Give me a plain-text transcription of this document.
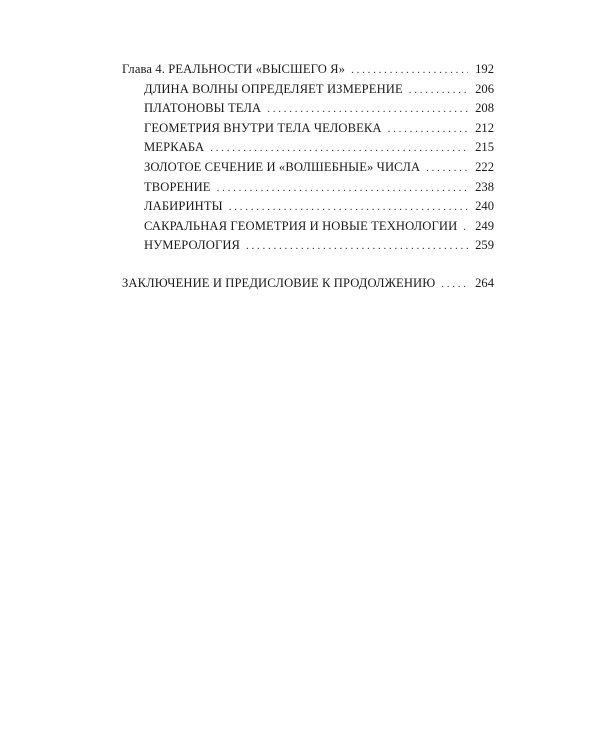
Глава 4. РЕАЛЬНОСТИ «ВЫСШЕГО Я» . . .	192
ДЛИНА ВОЛНЫ ОПРЕДЕЛЯЕТ ИЗМЕРЕНИЕ . . .	206
ПЛАТОНОВЫ ТЕЛА . . .	208
ГЕОМЕТРИЯ ВНУТРИ ТЕЛА ЧЕЛОВЕКА . . .	212
МЕРКАБА . . .	215
ЗОЛОТОЕ СЕЧЕНИЕ И «ВОЛШЕБНЫЕ» ЧИСЛА . . .	222
ТВОРЕНИЕ . . .	238
ЛАБИРИНТЫ . . .	240
САКРАЛЬНАЯ ГЕОМЕТРИЯ И НОВЫЕ ТЕХНОЛОГИИ . . . 249
НУМЕРОЛОГИЯ . . .	259
ЗАКЛЮЧЕНИЕ И ПРЕДИСЛОВИЕ К ПРОДОЛЖЕНИЮ . . .	264
